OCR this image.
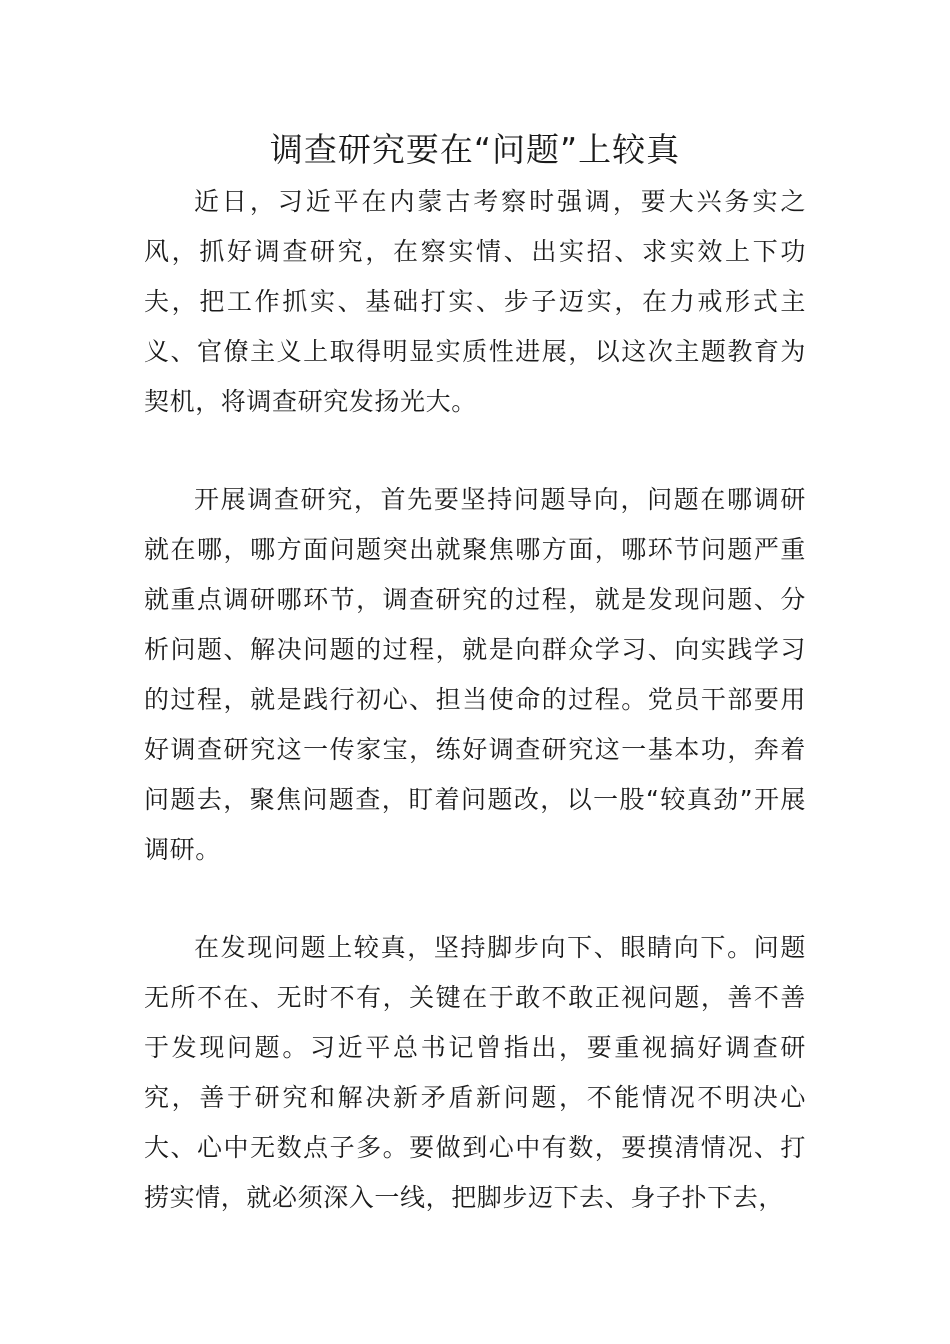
调查研究要在“问题”上较真

近日，习近平在内蒙古考察时强调，要大兴务实之风，抓好调查研究，在察实情、出实招、求实效上下功夫，把工作抓实、基础打实、步子迈实，在力戒形式主义、官僚主义上取得明显实质性进展，以这次主题教育为契机，将调查研究发扬光大。

开展调查研究，首先要坚持问题导向，问题在哪调研就在哪，哪方面问题突出就聚焦哪方面，哪环节问题严重就重点调研哪环节，调查研究的过程，就是发现问题、分析问题、解决问题的过程，就是向群众学习、向实践学习的过程，就是践行初心、担当使命的过程。党员干部要用好调查研究这一传家宝，练好调查研究这一基本功，奔着问题去，聚焦问题查，盯着问题改，以一股“较真劲”开展调研。

在发现问题上较真，坚持脚步向下、眼睛向下。问题无所不在、无时不有，关键在于敢不敢正视问题，善不善于发现问题。习近平总书记曾指出，要重视搞好调查研究，善于研究和解决新矛盾新问题，不能情况不明决心大、心中无数点子多。要做到心中有数，要摸清情况、打捞实情，就必须深入一线，把脚步迈下去、身子扑下去，
